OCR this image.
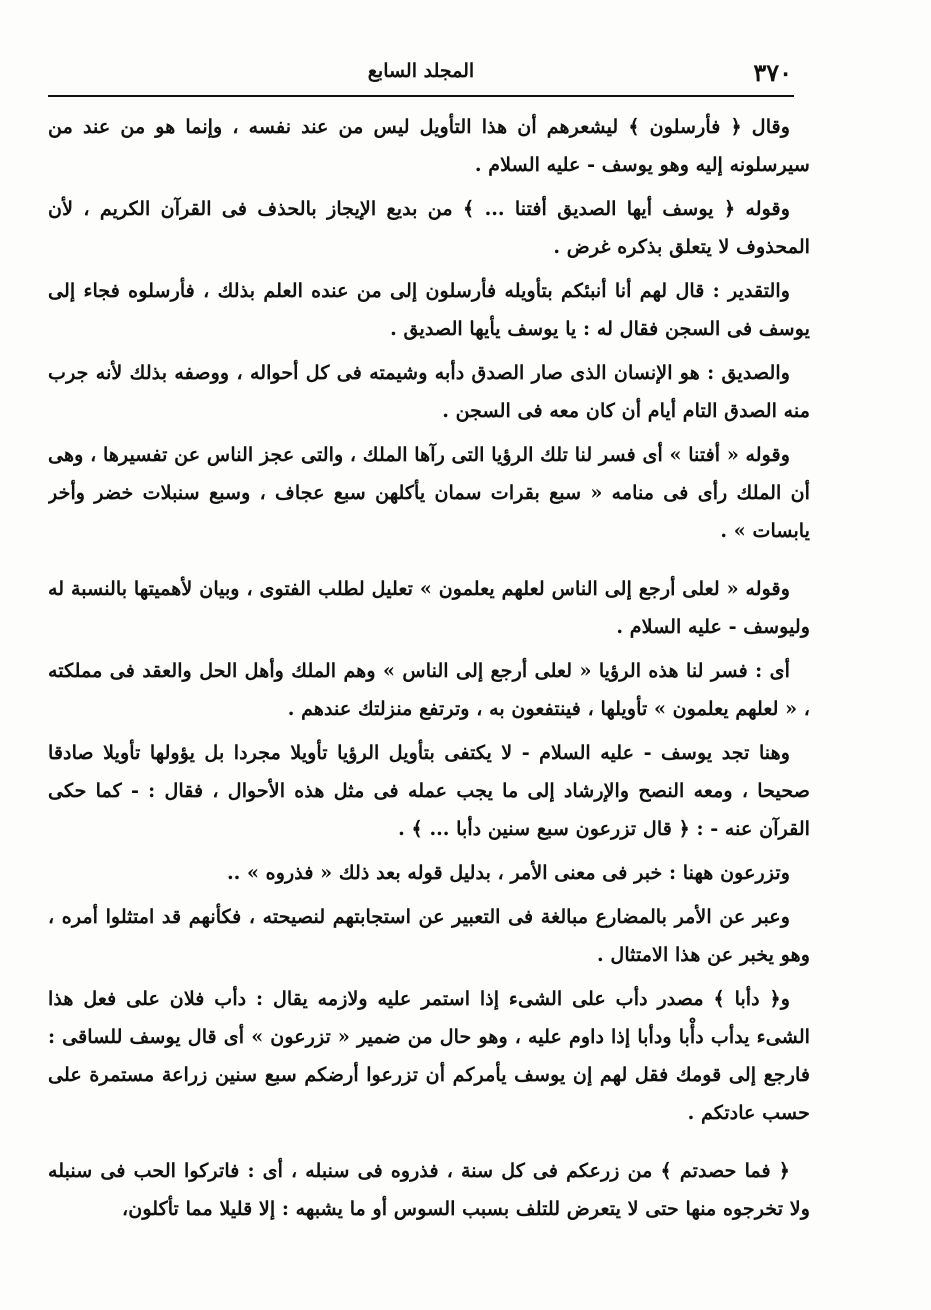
٣٧٠
المجلد السابع

وقال ﴿ فأرسلون ﴾ ليشعرهم أن هذا التأويل ليس من عند نفسه ، وإنما هو من عند من سيرسلونه إليه وهو يوسف - عليه السلام .

وقوله ﴿ يوسف أيها الصديق أفتنا ... ﴾ من بديع الإيجاز بالحذف فى القرآن الكريم ، لأن المحذوف لا يتعلق بذكره غرض .

والتقدير : قال لهم أنا أنبئكم بتأويله فأرسلون إلى من عنده العلم بذلك ، فأرسلوه فجاء إلى يوسف فى السجن فقال له : يا يوسف يأيها الصديق .

والصديق : هو الإنسان الذى صار الصدق دأبه وشيمته فى كل أحواله ، ووصفه بذلك لأنه جرب منه الصدق التام أيام أن كان معه فى السجن .

وقوله « أفتنا » أى فسر لنا تلك الرؤيا التى رآها الملك ، والتى عجز الناس عن تفسيرها ، وهى أن الملك رأى فى منامه « سبع بقرات سمان يأكلهن سبع عجاف ، وسبع سنبلات خضر وأخر يابسات » .

وقوله « لعلى أرجع إلى الناس لعلهم يعلمون » تعليل لطلب الفتوى ، وبيان لأهميتها بالنسبة له وليوسف - عليه السلام .

أى : فسر لنا هذه الرؤيا « لعلى أرجع إلى الناس » وهم الملك وأهل الحل والعقد فى مملكته ، « لعلهم يعلمون » تأويلها ، فينتفعون به ، وترتفع منزلتك عندهم .

وهنا تجد يوسف - عليه السلام - لا يكتفى بتأويل الرؤيا تأويلا مجردا بل يؤولها تأويلا صادقا صحيحا ، ومعه النصح والإرشاد إلى ما يجب عمله فى مثل هذه الأحوال ، فقال : - كما حكى القرآن عنه - : ﴿ قال تزرعون سبع سنين دأبا ... ﴾ .

وتزرعون ههنا : خبر فى معنى الأمر ، بدليل قوله بعد ذلك « فذروه » ..

وعبر عن الأمر بالمضارع مبالغة فى التعبير عن استجابتهم لنصيحته ، فكأنهم قد امتثلوا أمره ، وهو يخبر عن هذا الامتثال .

و﴿ دأبا ﴾ مصدر دأب على الشىء إذا استمر عليه ولازمه يقال : دأب فلان على فعل هذا الشىء يدأب دأْبا ودأبا إذا داوم عليه ، وهو حال من ضمير « تزرعون » أى قال يوسف للساقى : فارجع إلى قومك فقل لهم إن يوسف يأمركم أن تزرعوا أرضكم سبع سنين زراعة مستمرة على حسب عادتكم .

﴿ فما حصدتم ﴾ من زرعكم فى كل سنة ، فذروه فى سنبله ، أى : فاتركوا الحب فى سنبله ولا تخرجوه منها حتى لا يتعرض للتلف بسبب السوس أو ما يشبهه : إلا قليلا مما تأكلون،
